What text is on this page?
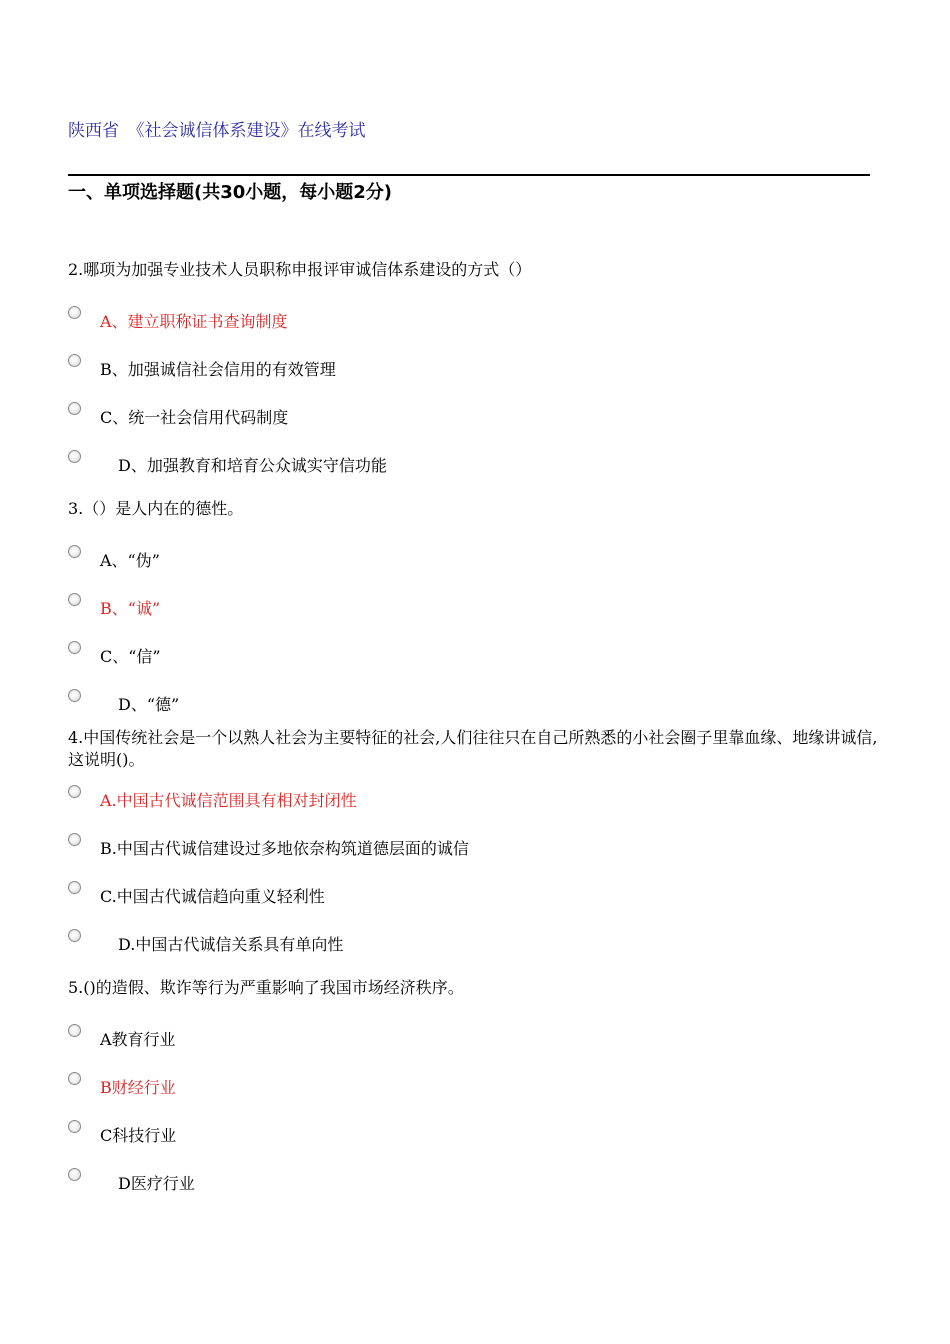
陕西省　《社会诚信体系建设》在线考试
一、单项选择题(共30小题，每小题2分)
2.哪项为加强专业技术人员职称申报评审诚信体系建设的方式（）
A、建立职称证书查询制度
B、加强诚信社会信用的有效管理
C、统一社会信用代码制度
D、加强教育和培育公众诚实守信功能
3.（）是人内在的德性。
A、“伪”
B、“诚”
C、“信”
D、“德”
4.中国传统社会是一个以熟人社会为主要特征的社会,人们往往只在自己所熟悉的小社会圈子里靠血缘、地缘讲诚信,这说明()。
A.中国古代诚信范围具有相对封闭性
B.中国古代诚信建设过多地依奈构筑道德层面的诚信
C.中国古代诚信趋向重义轻利性
D.中国古代诚信关系具有单向性
5.()的造假、欺诈等行为严重影响了我国市场经济秩序。
A教育行业
B财经行业
C科技行业
D医疗行业
